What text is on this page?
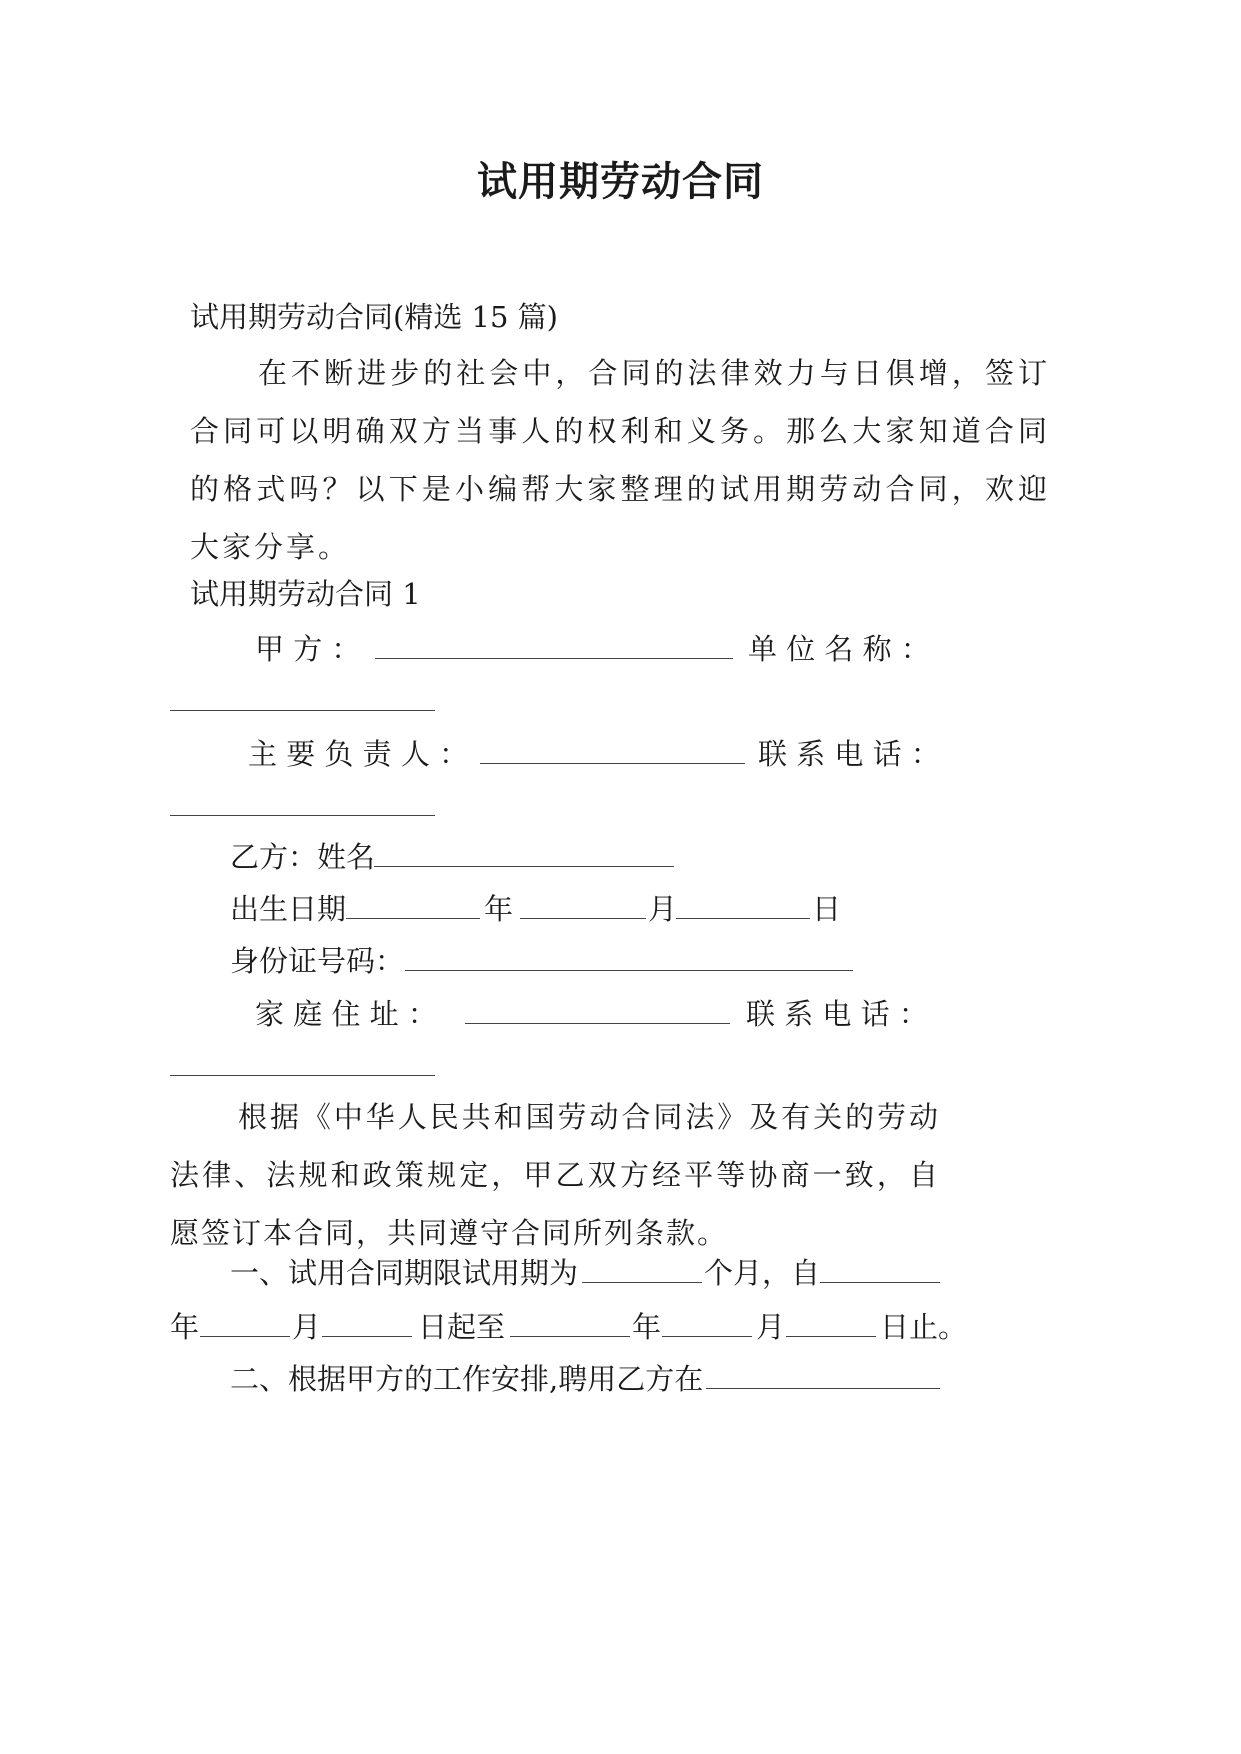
试用期劳动合同
试用期劳动合同(精选 15 篇)
在不断进步的社会中，合同的法律效力与日俱增，签订合同可以明确双方当事人的权利和义务。那么大家知道合同的格式吗？以下是小编帮大家整理的试用期劳动合同，欢迎大家分享。
试用期劳动合同 1
甲 方 ：	单 位 名 称 ：
主 要 负 责 人 ：	联 系 电 话 ：
乙方：姓名
出生日期	年	月	日
身份证号码：
家 庭 住 址 ：	联 系 电 话 ：
根据《中华人民共和国劳动合同法》及有关的劳动法律、法规和政策规定，甲乙双方经平等协商一致，自愿签订本合同，共同遵守合同所列条款。
一、试用合同期限试用期为	个月，自
年	月	日起至	年	月	日止。
二、根据甲方的工作安排,聘用乙方在
